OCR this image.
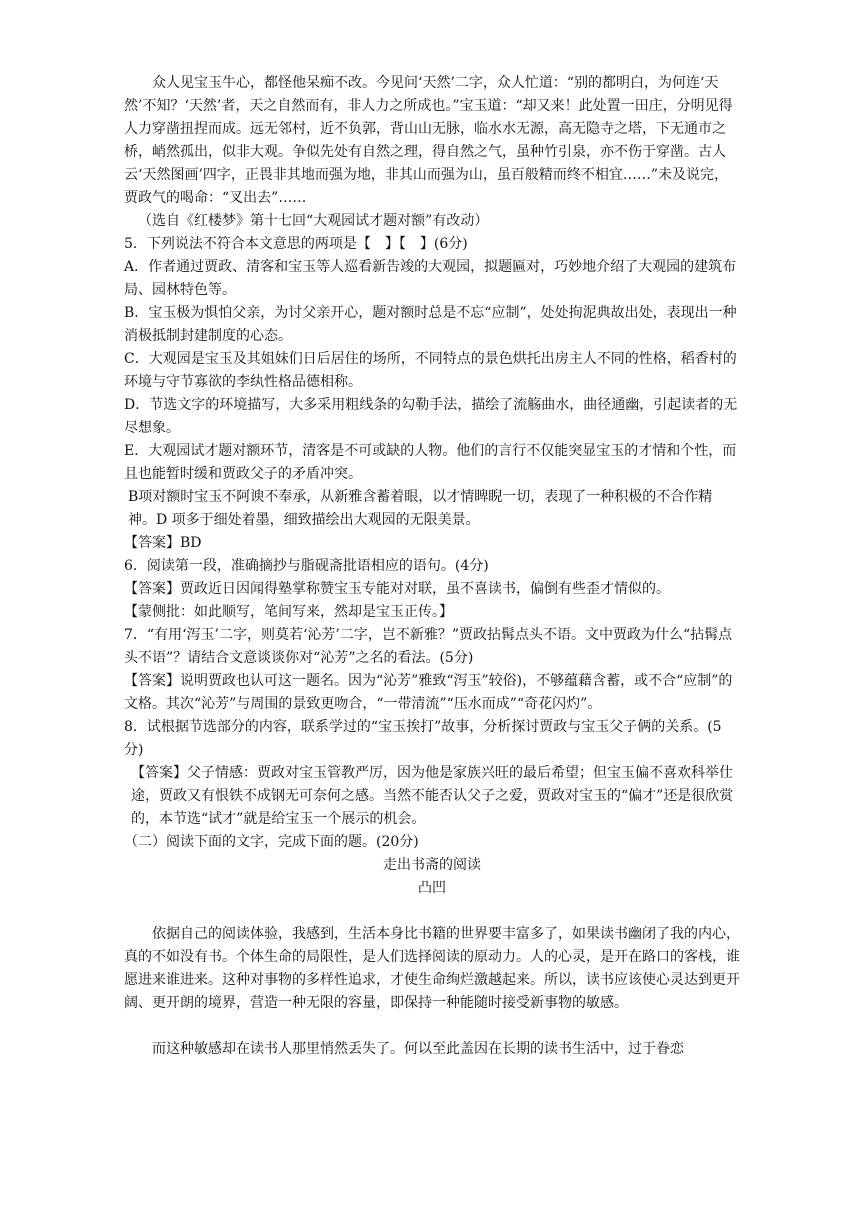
众人见宝玉牛心，都怪他呆痴不改。今见问‘天然’二字，众人忙道：“别的都明白，为何连‘天然’不知？‘天然’者，天之自然而有，非人力之所成也。”宝玉道：“却又来！此处置一田庄，分明见得人力穿凿扭捏而成。远无邻村，近不负郭，背山山无脉，临水水无源，高无隐寺之塔，下无通市之桥，峭然孤出，似非大观。争似先处有自然之理，得自然之气，虽种竹引泉，亦不伤于穿凿。古人云‘天然图画’四字，正畏非其地而强为地，非其山而强为山，虽百般精而终不相宜……”未及说完，贾政气的喝命：“叉出去”……

（选自《红楼梦》第十七回“大观园试才题对额”有改动）

5．下列说法不符合本文意思的两项是【　】【　】(6分)

A．作者通过贾政、清客和宝玉等人巡看新告竣的大观园，拟题匾对，巧妙地介绍了大观园的建筑布局、园林特色等。

B．宝玉极为惧怕父亲，为讨父亲开心，题对额时总是不忘“应制”，处处拘泥典故出处，表现出一种消极抵制封建制度的心态。

C．大观园是宝玉及其姐妹们日后居住的场所，不同特点的景色烘托出房主人不同的性格，稻香村的环境与守节寡欲的李纨性格品德相称。

D．节选文字的环境描写，大多采用粗线条的勾勒手法，描绘了流觞曲水，曲径通幽，引起读者的无尽想象。

E．大观园试才题对额环节，清客是不可或缺的人物。他们的言行不仅能突显宝玉的才情和个性，而且也能暂时缓和贾政父子的矛盾冲突。

B项对额时宝玉不阿谀不奉承，从新雅含蓄着眼，以才情睥睨一切，表现了一种积极的不合作精神。D 项多于细处着墨，细致描绘出大观园的无限美景。

【答案】BD

6．阅读第一段，准确摘抄与脂砚斋批语相应的语句。(4分)

【答案】贾政近日因闻得塾掌称赞宝玉专能对对联，虽不喜读书，偏倒有些歪才情似的。

【蒙侧批：如此顺写，笔间写来，然却是宝玉正传。】

7．“有用‘泻玉’二字，则莫若‘沁芳’二字，岂不新雅？”贾政拈髯点头不语。文中贾政为什么“拈髯点头不语”？请结合文意谈谈你对“沁芳”之名的看法。(5分)

【答案】说明贾政也认可这一题名。因为“沁芳”雅致“泻玉”较俗)，不够蕴藉含蓄，或不合“应制”的文格。其次“沁芳”与周围的景致更吻合，“一带清流”“压水而成”“奇花闪灼”。

8．试根据节选部分的内容，联系学过的“宝玉挨打”故事，分析探讨贾政与宝玉父子俩的关系。(5分)

【答案】父子情感：贾政对宝玉管教严厉，因为他是家族兴旺的最后希望；但宝玉偏不喜欢科举仕途，贾政又有恨铁不成钢无可奈何之感。当然不能否认父子之爱，贾政对宝玉的“偏才”还是很欣赏的，本节选“试才”就是给宝玉一个展示的机会。

（二）阅读下面的文字，完成下面的题。(20分)

走出书斋的阅读

凸凹

依据自己的阅读体验，我感到，生活本身比书籍的世界要丰富多了，如果读书幽闭了我的内心，真的不如没有书。个体生命的局限性，是人们选择阅读的原动力。人的心灵，是开在路口的客栈，谁愿进来谁进来。这种对事物的多样性追求，才使生命绚烂激越起来。所以，读书应该使心灵达到更开阔、更开朗的境界，营造一种无限的容量，即保持一种能随时接受新事物的敏感。

而这种敏感却在读书人那里悄然丢失了。何以至此盖因在长期的读书生活中，过于眷恋
